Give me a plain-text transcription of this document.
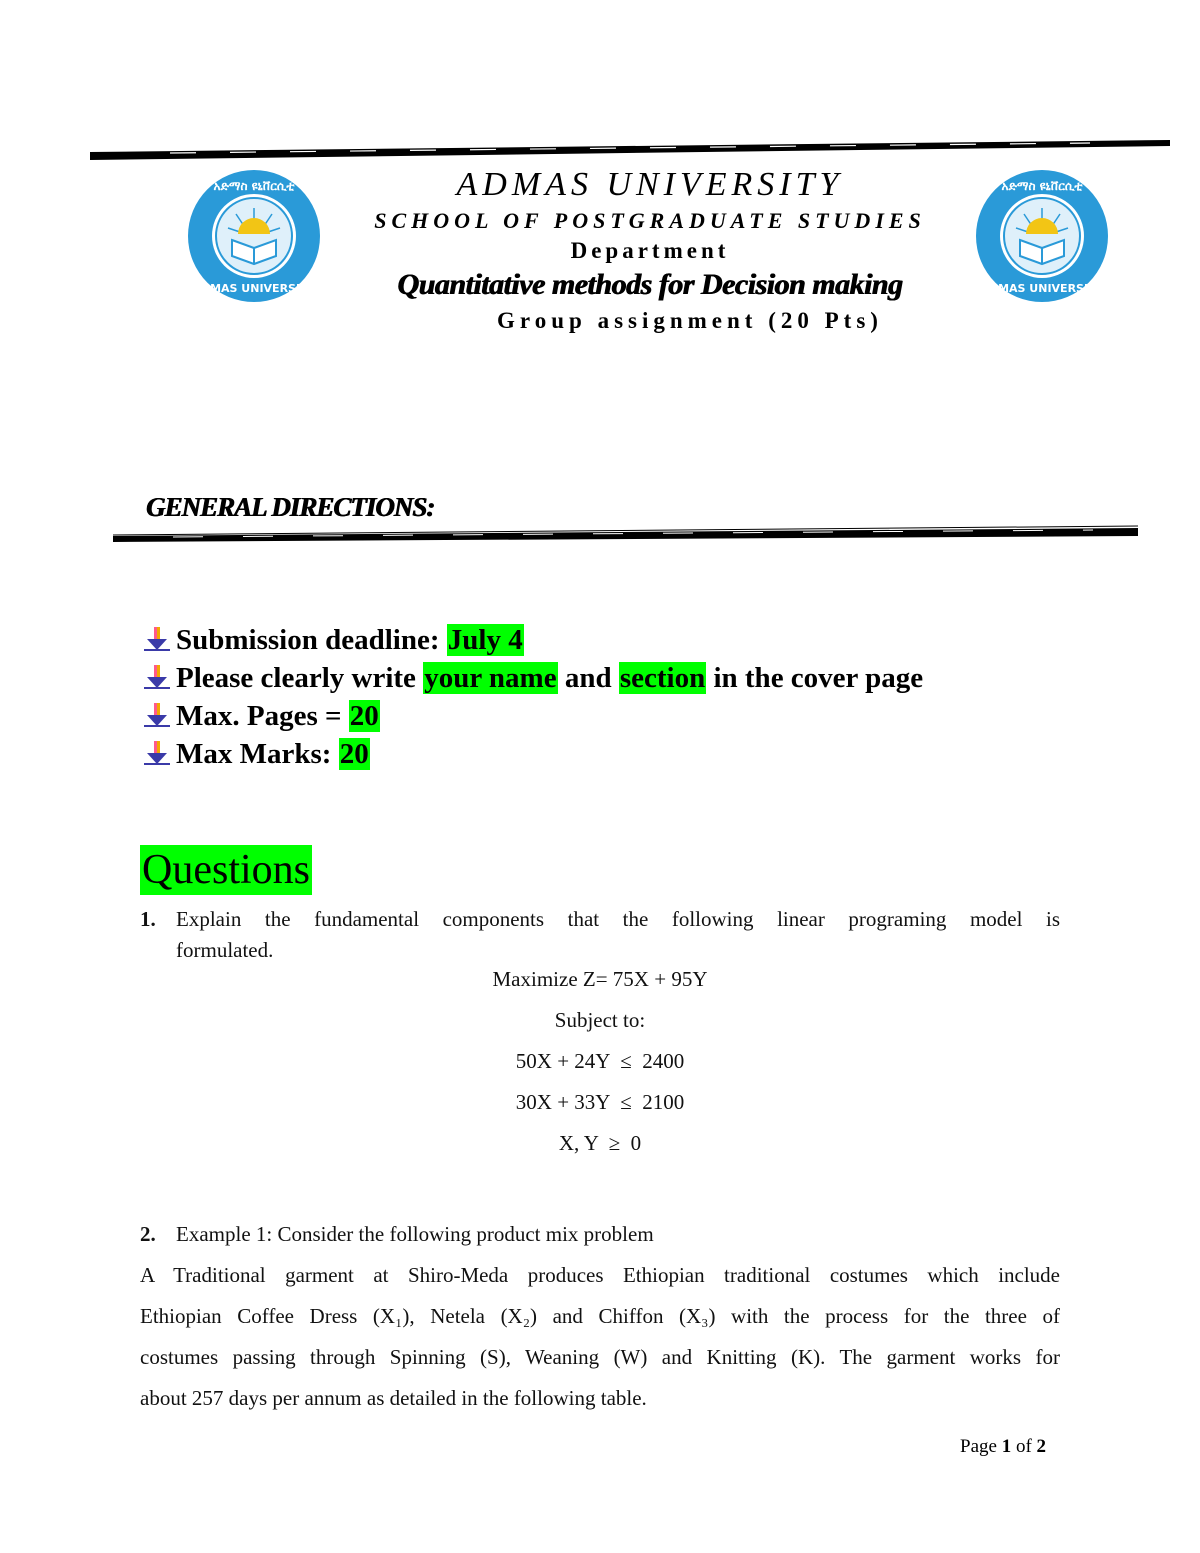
አድማስ ዩኒቨርሲቲ
ADMAS UNIVERSITY
አድማስ ዩኒቨርሲቲ
ADMAS UNIVERSITY
ADMAS UNIVERSITY
SCHOOL OF POSTGRADUATE STUDIES
Department
Quantitative methods for Decision making
Group assignment (20 Pts)
GENERAL DIRECTIONS:
Submission deadline: July 4
Please clearly write your name and section in the cover page
Max. Pages = 20
Max Marks: 20
Questions
1. Explain the fundamental components that the following linear programing model is
formulated.
Maximize Z= 75X + 95Y
Subject to:
50X + 24Y  ≤  2400
30X + 33Y  ≤  2100
X, Y  ≥  0
2. Example 1: Consider the following product mix problem
A Traditional garment at Shiro-Meda produces Ethiopian traditional costumes which include
Ethiopian Coffee Dress (X₁), Netela (X₂) and Chiffon (X₃) with the process for the three of
costumes passing through Spinning (S), Weaning (W) and Knitting (K). The garment works for
about 257 days per annum as detailed in the following table.
Page 1 of 2
